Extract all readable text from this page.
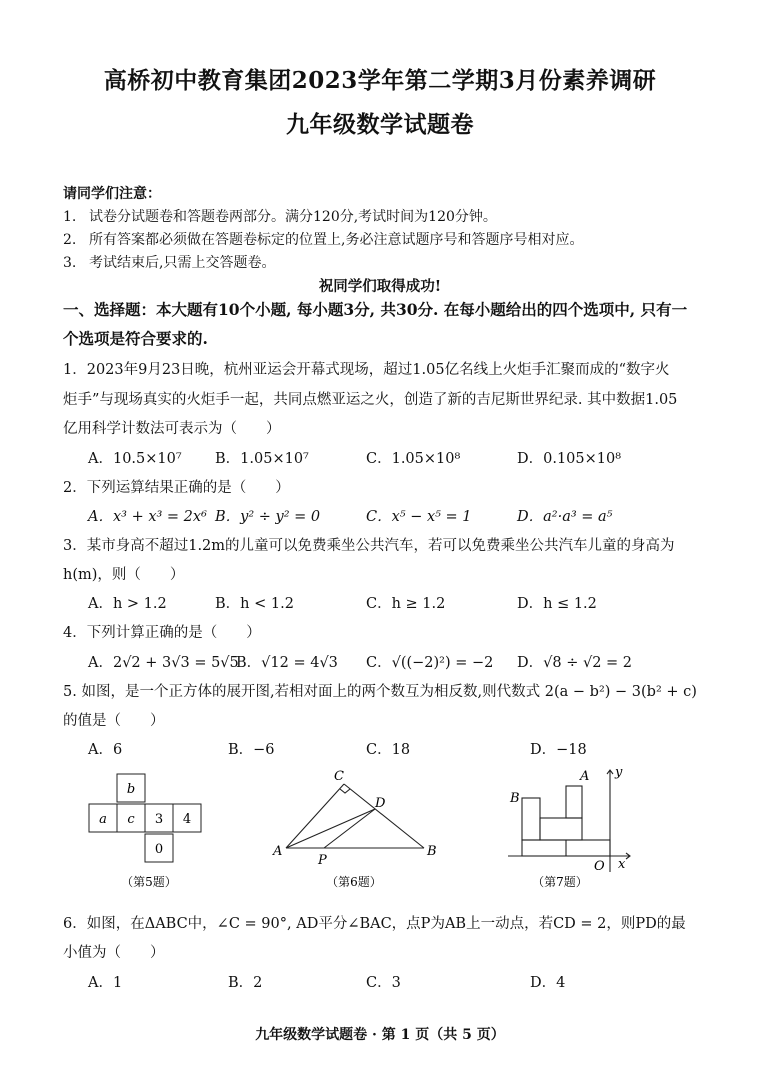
高桥初中教育集团2023学年第二学期3月份素养调研
九年级数学试题卷
请同学们注意：
1. 试卷分试题卷和答题卷两部分。满分120分,考试时间为120分钟。
2. 所有答案都必须做在答题卷标定的位置上,务必注意试题序号和答题序号相对应。
3. 考试结束后,只需上交答题卷。
祝同学们取得成功!
一、选择题：本大题有10个小题, 每小题3分, 共30分. 在每小题给出的四个选项中, 只有一
个选项是符合要求的.
1．2023年9月23日晚，杭州亚运会开幕式现场，超过1.05亿名线上火炬手汇聚而成的“数字火
炬手”与现场真实的火炬手一起，共同点燃亚运之火，创造了新的吉尼斯世界纪录. 其中数据1.05
亿用科学计数法可表示为（　　）
A．10.5×10⁷ B．1.05×10⁷	C．1.05×10⁸	D．0.105×10⁸
2．下列运算结果正确的是（　　）
A．x³ + x³ = 2x⁶ B．y² ÷ y² = 0	C．x⁵ − x⁵ = 1	D．a²·a³ = a⁵
3．某市身高不超过1.2m的儿童可以免费乘坐公共汽车，若可以免费乘坐公共汽车儿童的身高为
h(m)，则（　　）
A．h > 1.2	B．h < 1.2	C．h ≥ 1.2	D．h ≤ 1.2
4．下列计算正确的是（　　）
A．2√2 + 3√3 = 5√5
B．√12 = 4√3 C．√((−2)²) = −2 D．√8 ÷ √2 = 2
5. 如图，是一个正方体的展开图,若相对面上的两个数互为相反数,则代数式 2(a − b²) − 3(b² + c)
的值是（　　）
A．6	B．−6	C．18	D．−18
b
a c 3 4
0
（第5题）
C
D
A
P
B
（第6题）
A
B
y
O x
（第7题）
6．如图，在ΔABC中，∠C = 90°, AD平分∠BAC，点P为AB上一动点，若CD = 2，则PD的最
小值为（　　）
A．1	B．2	C．3	D．4
九年级数学试题卷 · 第 1 页（共 5 页）
